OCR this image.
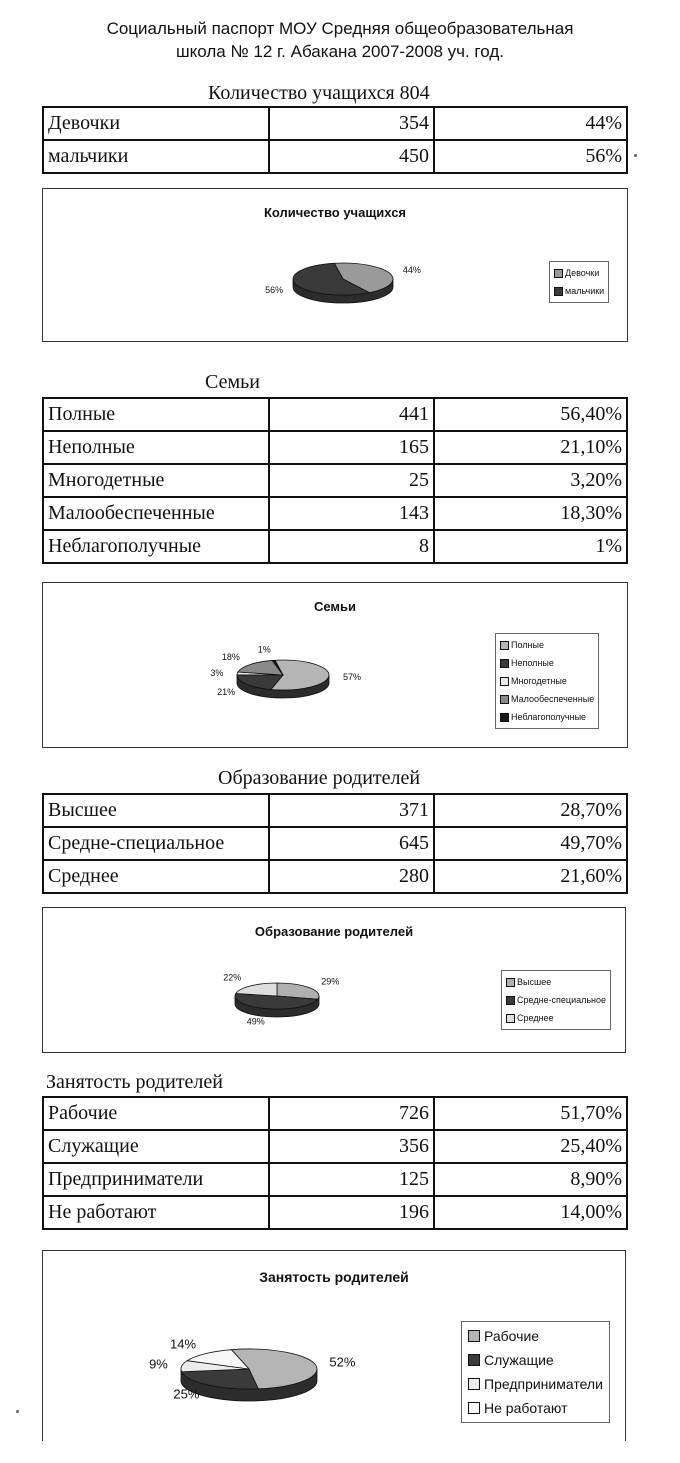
Социальный паспорт МОУ Средняя общеобразовательная
школа № 12 г. Абакана 2007-2008 уч. год.
Количество учащихся 804
Девочки	354	44%
мальчики	450	56%
Количество учащихся
44%
56%
Девочки
мальчики
Семьи
Полные	441	56,40%
Неполные	165	21,10%
Многодетные	25	3,20%
Малообеспеченные	143	18,30%
Неблагополучные	8	1%
Семьи
57%
21%
3%
18%
1%	Полные
Неполные
Многодетные
Малообеспеченные
Неблагополучные
Образование родителей
Высшее	371	28,70%
Средне-специальное	645	49,70%
Среднее	280	21,60%
Образование родителей
29%
49%
22%	Высшее
Средне-специальное
Среднее
Занятость родителей
Рабочие	726	51,70%
Служащие	356	25,40%
Предприниматели	125	8,90%
Не работают	196	14,00%
Занятость родителей
52%
25%
9%
14%
Рабочие
Служащие
Предприниматели
Не работают
